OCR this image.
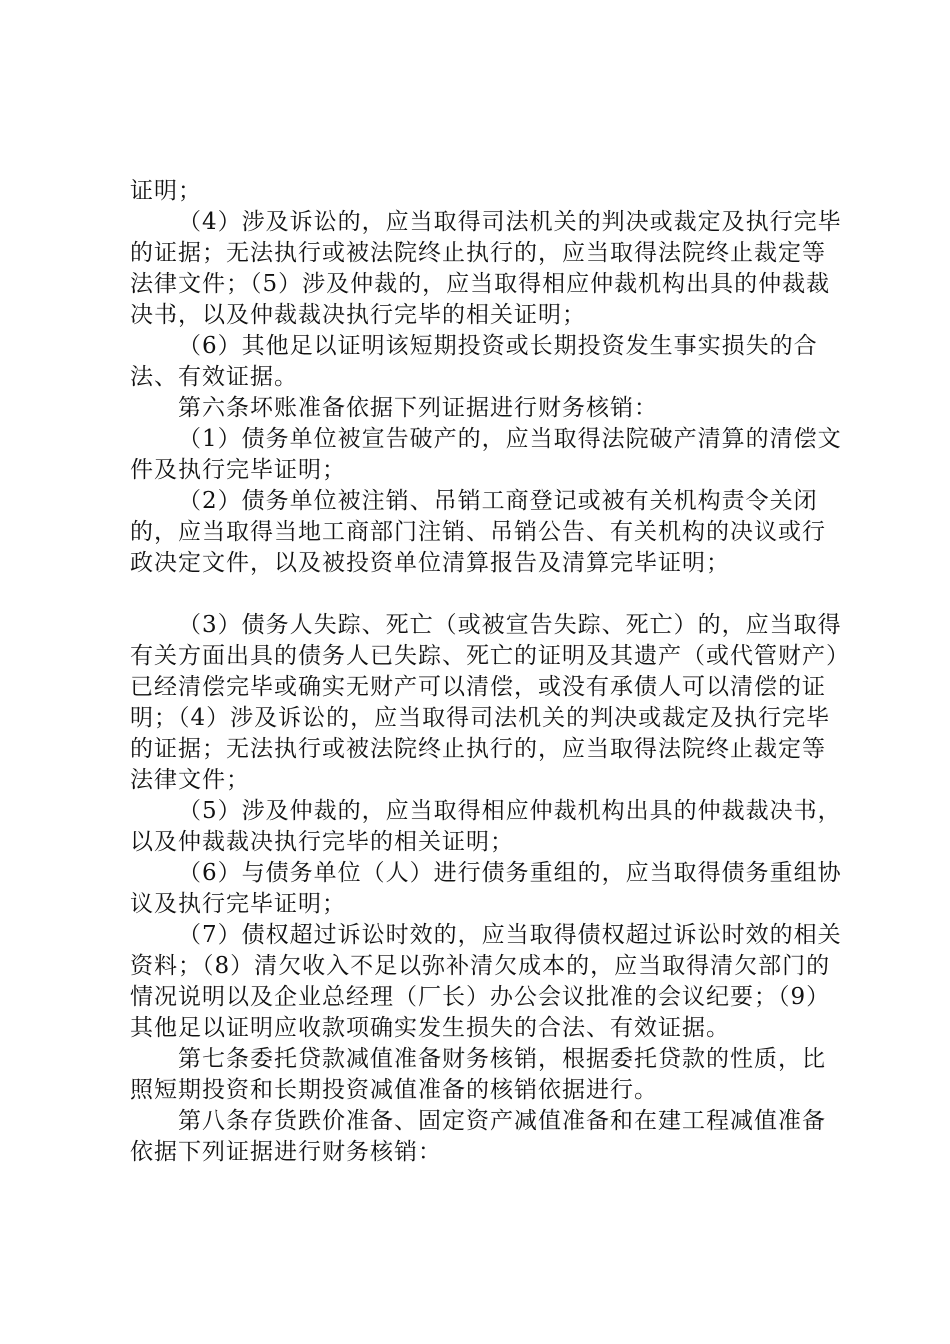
证明；

（4）涉及诉讼的，应当取得司法机关的判决或裁定及执行完毕的证据；无法执行或被法院终止执行的，应当取得法院终止裁定等法律文件；（5）涉及仲裁的，应当取得相应仲裁机构出具的仲裁裁决书，以及仲裁裁决执行完毕的相关证明；

（6）其他足以证明该短期投资或长期投资发生事实损失的合法、有效证据。

第六条坏账准备依据下列证据进行财务核销：

（1）债务单位被宣告破产的，应当取得法院破产清算的清偿文件及执行完毕证明；

（2）债务单位被注销、吊销工商登记或被有关机构责令关闭的，应当取得当地工商部门注销、吊销公告、有关机构的决议或行政决定文件，以及被投资单位清算报告及清算完毕证明；

（3）债务人失踪、死亡（或被宣告失踪、死亡）的，应当取得有关方面出具的债务人已失踪、死亡的证明及其遗产（或代管财产）已经清偿完毕或确实无财产可以清偿，或没有承债人可以清偿的证明；（4）涉及诉讼的，应当取得司法机关的判决或裁定及执行完毕的证据；无法执行或被法院终止执行的，应当取得法院终止裁定等法律文件；

（5）涉及仲裁的，应当取得相应仲裁机构出具的仲裁裁决书，以及仲裁裁决执行完毕的相关证明；

（6）与债务单位（人）进行债务重组的，应当取得债务重组协议及执行完毕证明；

（7）债权超过诉讼时效的，应当取得债权超过诉讼时效的相关资料；（8）清欠收入不足以弥补清欠成本的，应当取得清欠部门的情况说明以及企业总经理（厂长）办公会议批准的会议纪要；（9）其他足以证明应收款项确实发生损失的合法、有效证据。

第七条委托贷款减值准备财务核销，根据委托贷款的性质，比照短期投资和长期投资减值准备的核销依据进行。

第八条存货跌价准备、固定资产减值准备和在建工程减值准备依据下列证据进行财务核销：
